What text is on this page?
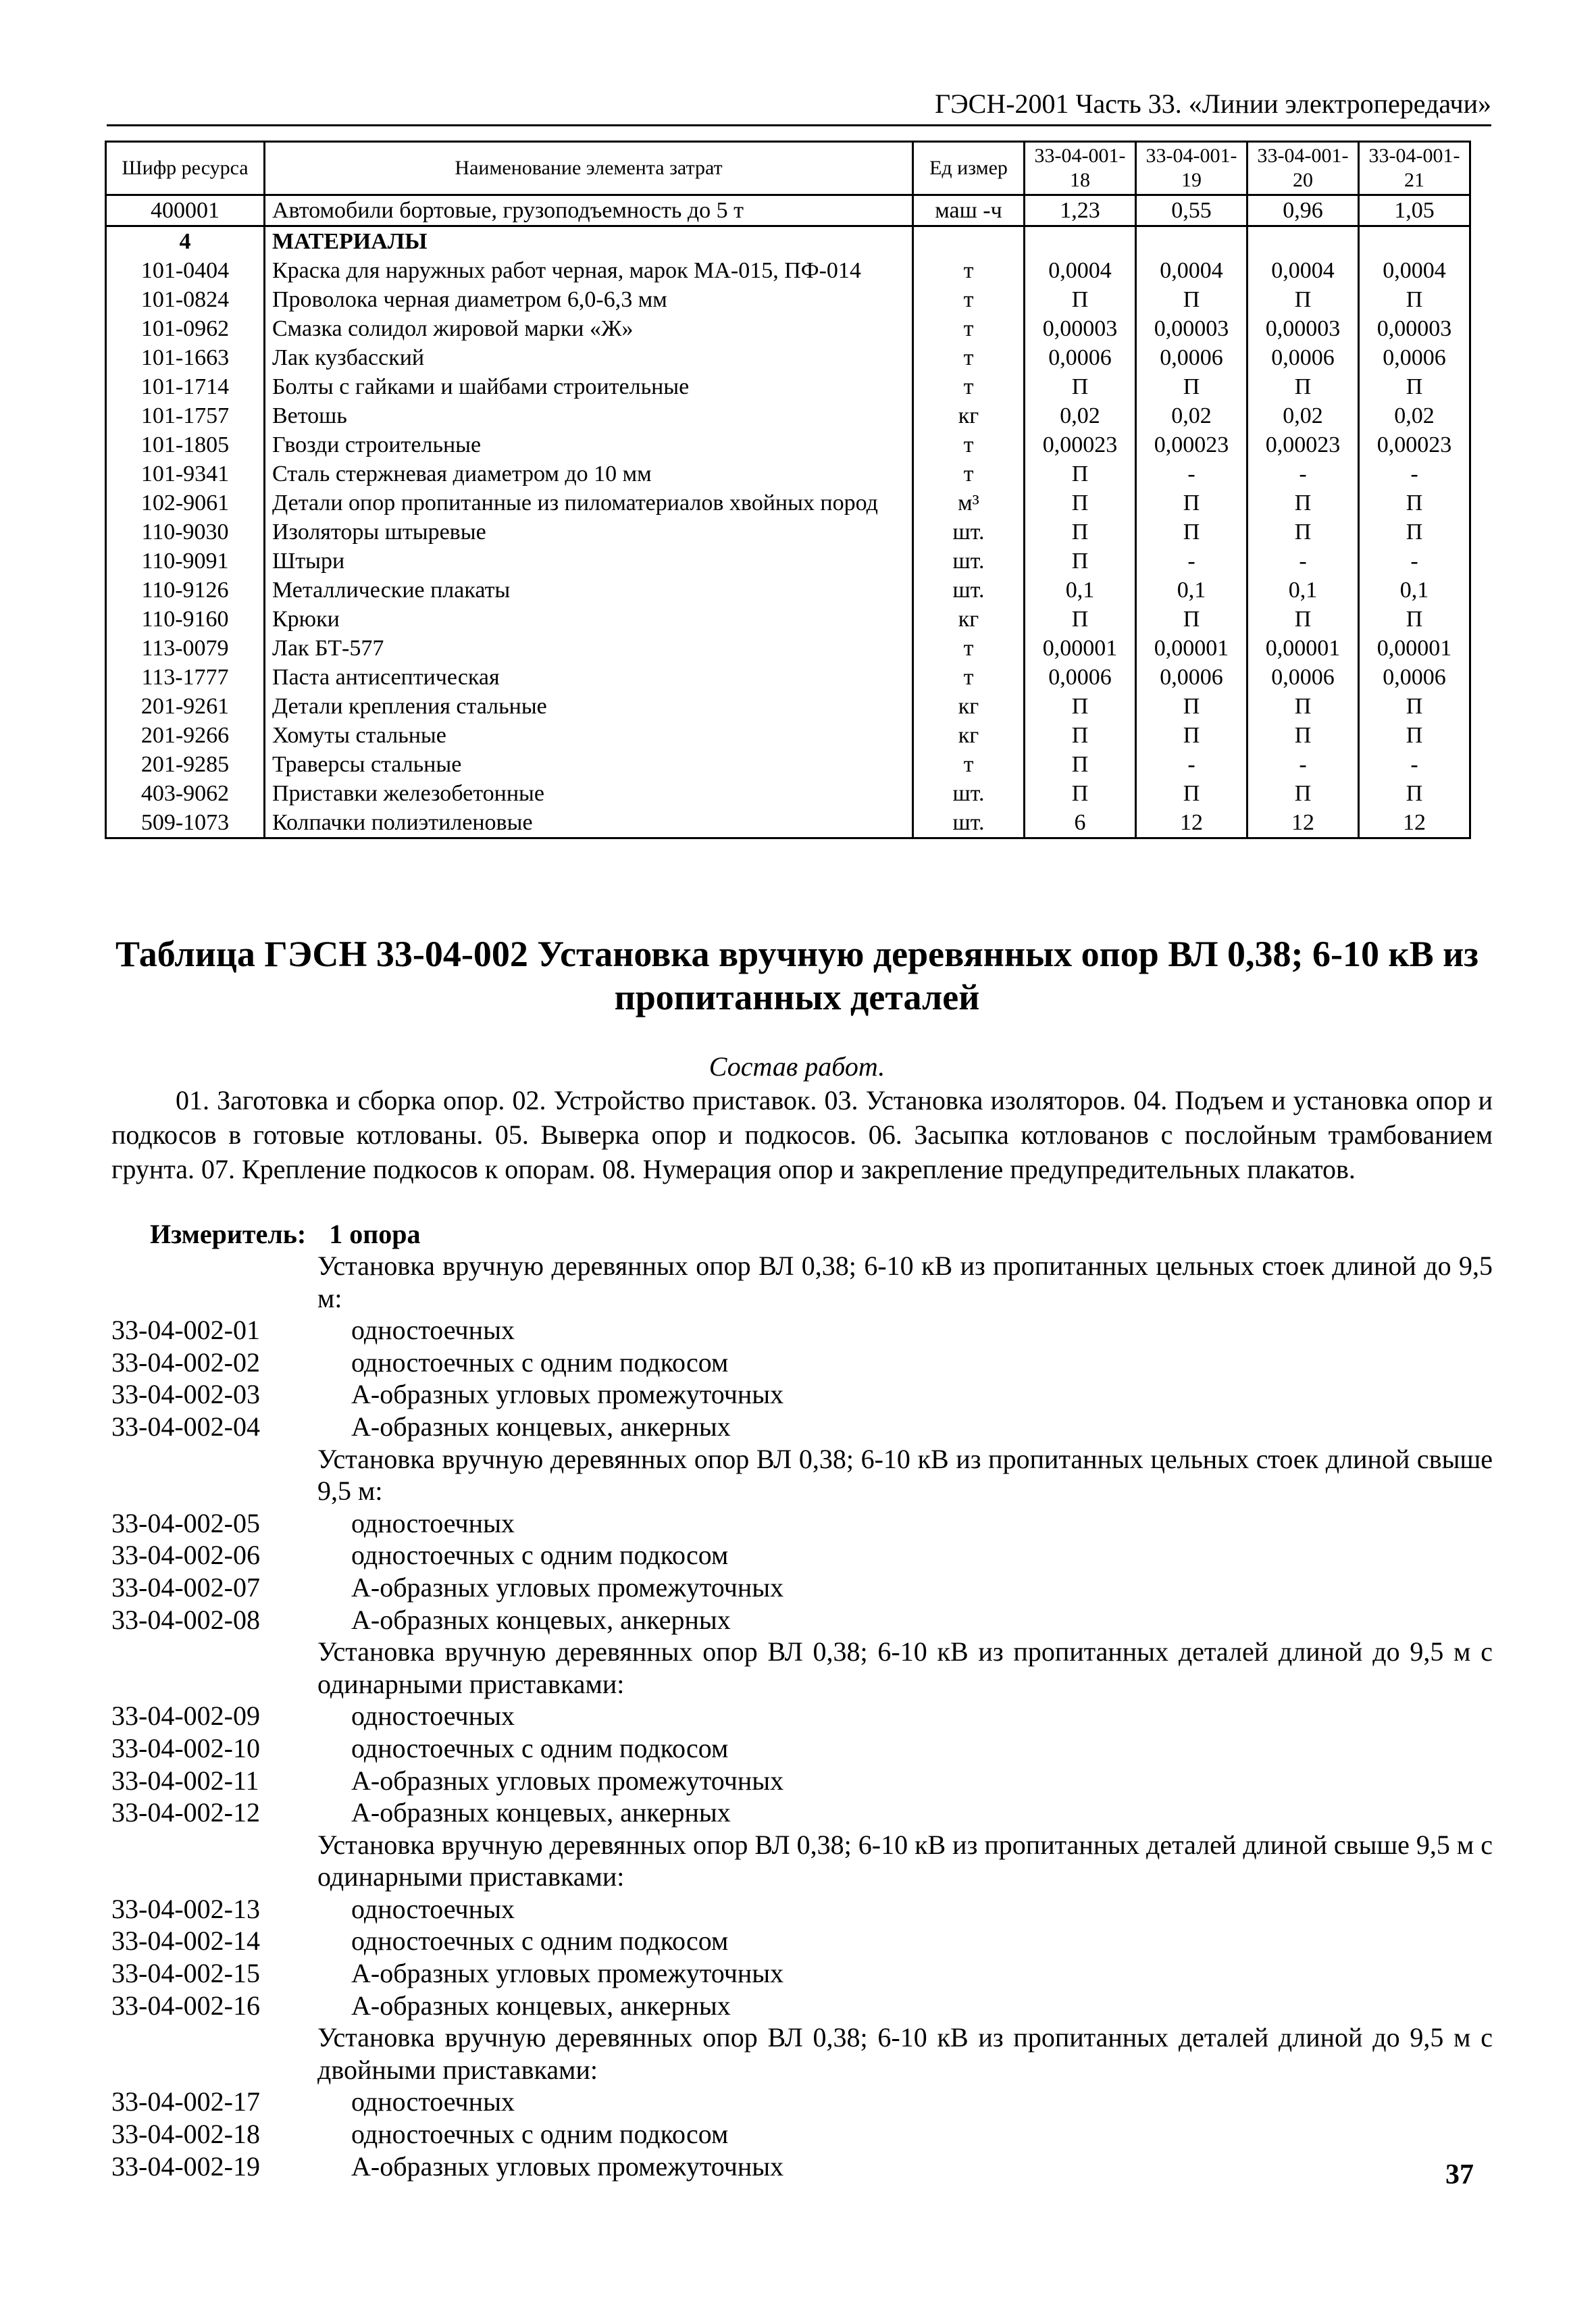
ГЭСН-2001 Часть 33. «Линии электропередачи»
Шифр ресурса	Наименование элемента затрат	Ед измер	33-04-001-18	33-04-001-19	33-04-001-20	33-04-001-21
400001	Автомобили бортовые, грузоподъемность до 5 т	маш -ч	1,23	0,55	0,96	1,05
4	МАТЕРИАЛЫ					
101-0404	Краска для наружных работ черная, марок МА-015, ПФ-014	т	0,0004	0,0004	0,0004	0,0004
101-0824	Проволока черная диаметром 6,0-6,3 мм	т	П	П	П	П
101-0962	Смазка солидол жировой марки «Ж»	т	0,00003	0,00003	0,00003	0,00003
101-1663	Лак кузбасский	т	0,0006	0,0006	0,0006	0,0006
101-1714	Болты с гайками и шайбами строительные	т	П	П	П	П
101-1757	Ветошь	кг	0,02	0,02	0,02	0,02
101-1805	Гвозди строительные	т	0,00023	0,00023	0,00023	0,00023
101-9341	Сталь стержневая диаметром до 10 мм	т	П	-	-	-
102-9061	Детали опор пропитанные из пиломатериалов хвойных пород	м³	П	П	П	П
110-9030	Изоляторы штыревые	шт.	П	П	П	П
110-9091	Штыри	шт.	П	-	-	-
110-9126	Металлические плакаты	шт.	0,1	0,1	0,1	0,1
110-9160	Крюки	кг	П	П	П	П
113-0079	Лак БТ-577	т	0,00001	0,00001	0,00001	0,00001
113-1777	Паста антисептическая	т	0,0006	0,0006	0,0006	0,0006
201-9261	Детали крепления стальные	кг	П	П	П	П
201-9266	Хомуты стальные	кг	П	П	П	П
201-9285	Траверсы стальные	т	П	-	-	-
403-9062	Приставки железобетонные	шт.	П	П	П	П
509-1073	Колпачки полиэтиленовые	шт.	6	12	12	12
Таблица ГЭСН 33-04-002 Установка вручную деревянных опор ВЛ 0,38; 6-10 кВ из пропитанных деталей
Состав работ.
01. Заготовка и сборка опор. 02. Устройство приставок. 03. Установка изоляторов. 04. Подъем и установка опор и подкосов в готовые котлованы. 05. Выверка опор и подкосов. 06. Засыпка котлованов с послойным трамбованием грунта. 07. Крепление подкосов к опорам. 08. Нумерация опор и закрепление предупредительных плакатов.
Измеритель: 1 опора
Установка вручную деревянных опор ВЛ 0,38; 6-10 кВ из пропитанных цельных стоек длиной до 9,5 м:
33-04-002-01	одностоечных
33-04-002-02	одностоечных с одним подкосом
33-04-002-03	А-образных угловых промежуточных
33-04-002-04	А-образных концевых, анкерных
Установка вручную деревянных опор ВЛ 0,38; 6-10 кВ из пропитанных цельных стоек длиной свыше 9,5 м:
33-04-002-05	одностоечных
33-04-002-06	одностоечных с одним подкосом
33-04-002-07	А-образных угловых промежуточных
33-04-002-08	А-образных концевых, анкерных
Установка вручную деревянных опор ВЛ 0,38; 6-10 кВ из пропитанных деталей длиной до 9,5 м с одинарными приставками:
33-04-002-09	одностоечных
33-04-002-10	одностоечных с одним подкосом
33-04-002-11	А-образных угловых промежуточных
33-04-002-12	А-образных концевых, анкерных
Установка вручную деревянных опор ВЛ 0,38; 6-10 кВ из пропитанных деталей длиной свыше 9,5 м с одинарными приставками:
33-04-002-13	одностоечных
33-04-002-14	одностоечных с одним подкосом
33-04-002-15	А-образных угловых промежуточных
33-04-002-16	А-образных концевых, анкерных
Установка вручную деревянных опор ВЛ 0,38; 6-10 кВ из пропитанных деталей длиной до 9,5 м с двойными приставками:
33-04-002-17	одностоечных
33-04-002-18	одностоечных с одним подкосом
33-04-002-19	А-образных угловых промежуточных	37
